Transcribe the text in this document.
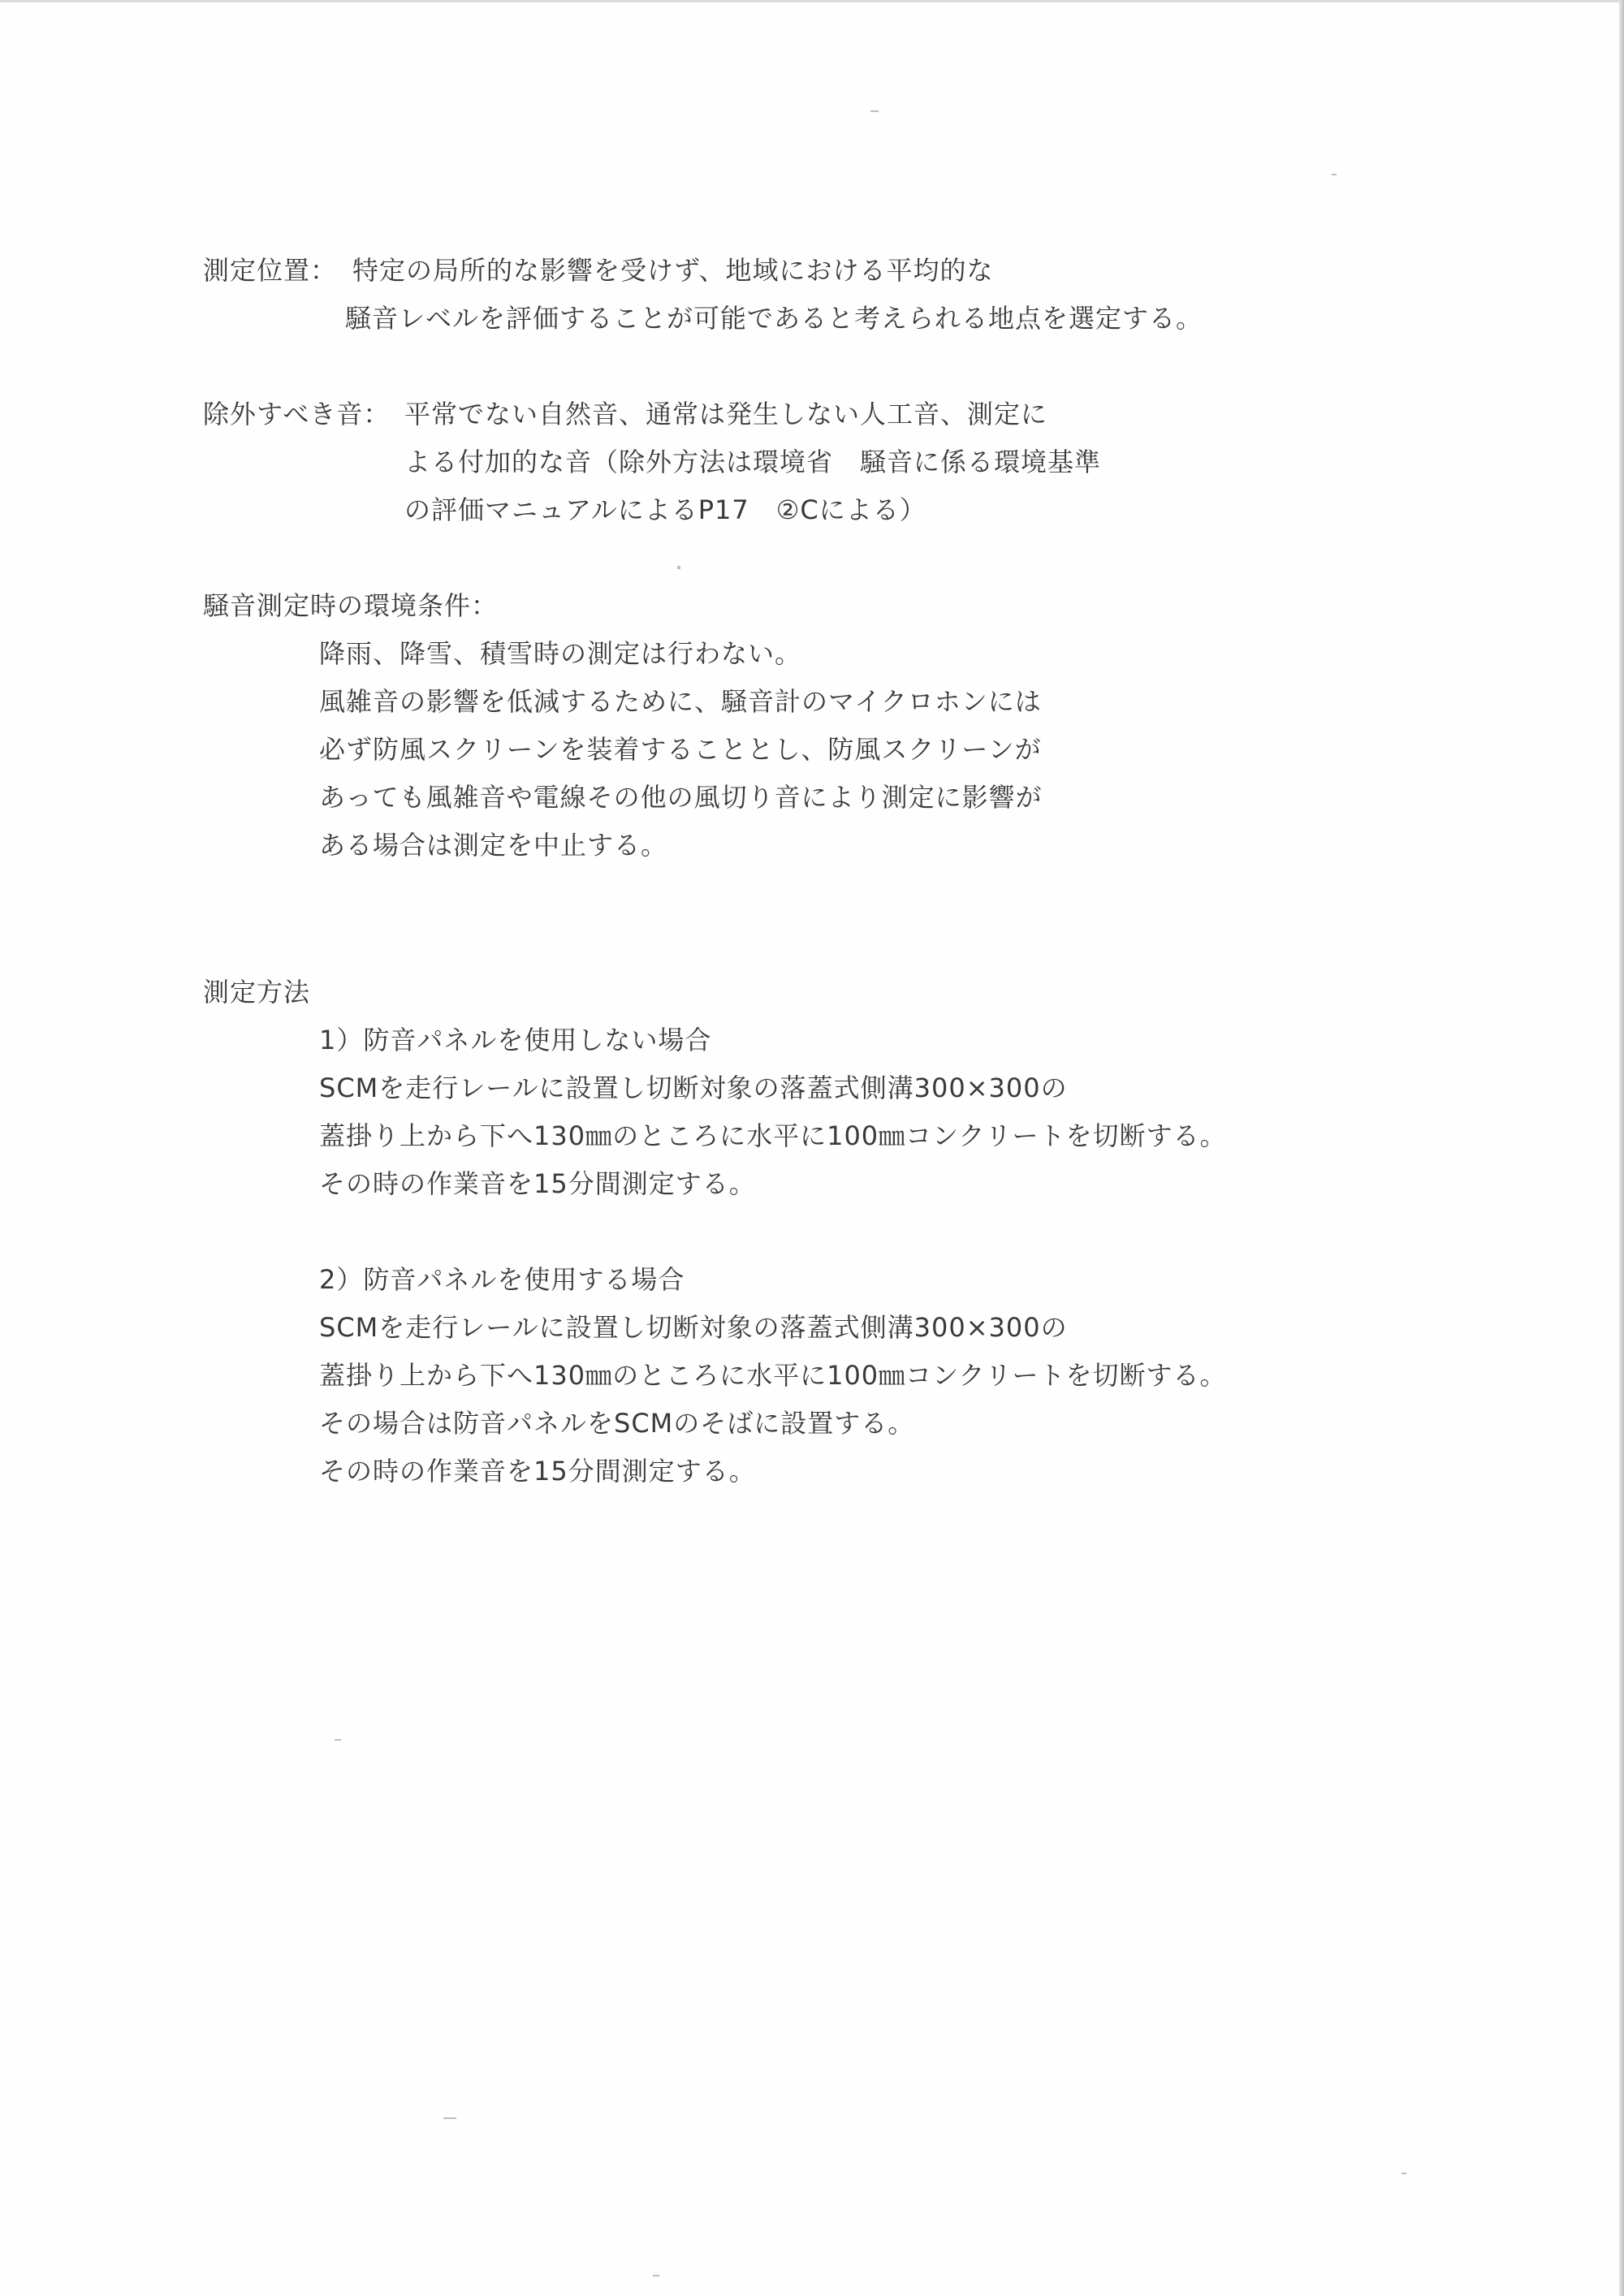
測定位置： 特定の局所的な影響を受けず、地域における平均的な
騒音レベルを評価することが可能であると考えられる地点を選定する。
除外すべき音： 平常でない自然音、通常は発生しない人工音、測定に
よる付加的な音（除外方法は環境省　騒音に係る環境基準
の評価マニュアルによるP17　②Cによる）
騒音測定時の環境条件：
降雨、降雪、積雪時の測定は行わない。
風雑音の影響を低減するために、騒音計のマイクロホンには
必ず防風スクリーンを装着することとし、防風スクリーンが
あっても風雑音や電線その他の風切り音により測定に影響が
ある場合は測定を中止する。
測定方法
1）防音パネルを使用しない場合
SCMを走行レールに設置し切断対象の落蓋式側溝300×300の
蓋掛り上から下へ130㎜のところに水平に100㎜コンクリートを切断する。
その時の作業音を15分間測定する。
2）防音パネルを使用する場合
SCMを走行レールに設置し切断対象の落蓋式側溝300×300の
蓋掛り上から下へ130㎜のところに水平に100㎜コンクリートを切断する。
その場合は防音パネルをSCMのそばに設置する。
その時の作業音を15分間測定する。
